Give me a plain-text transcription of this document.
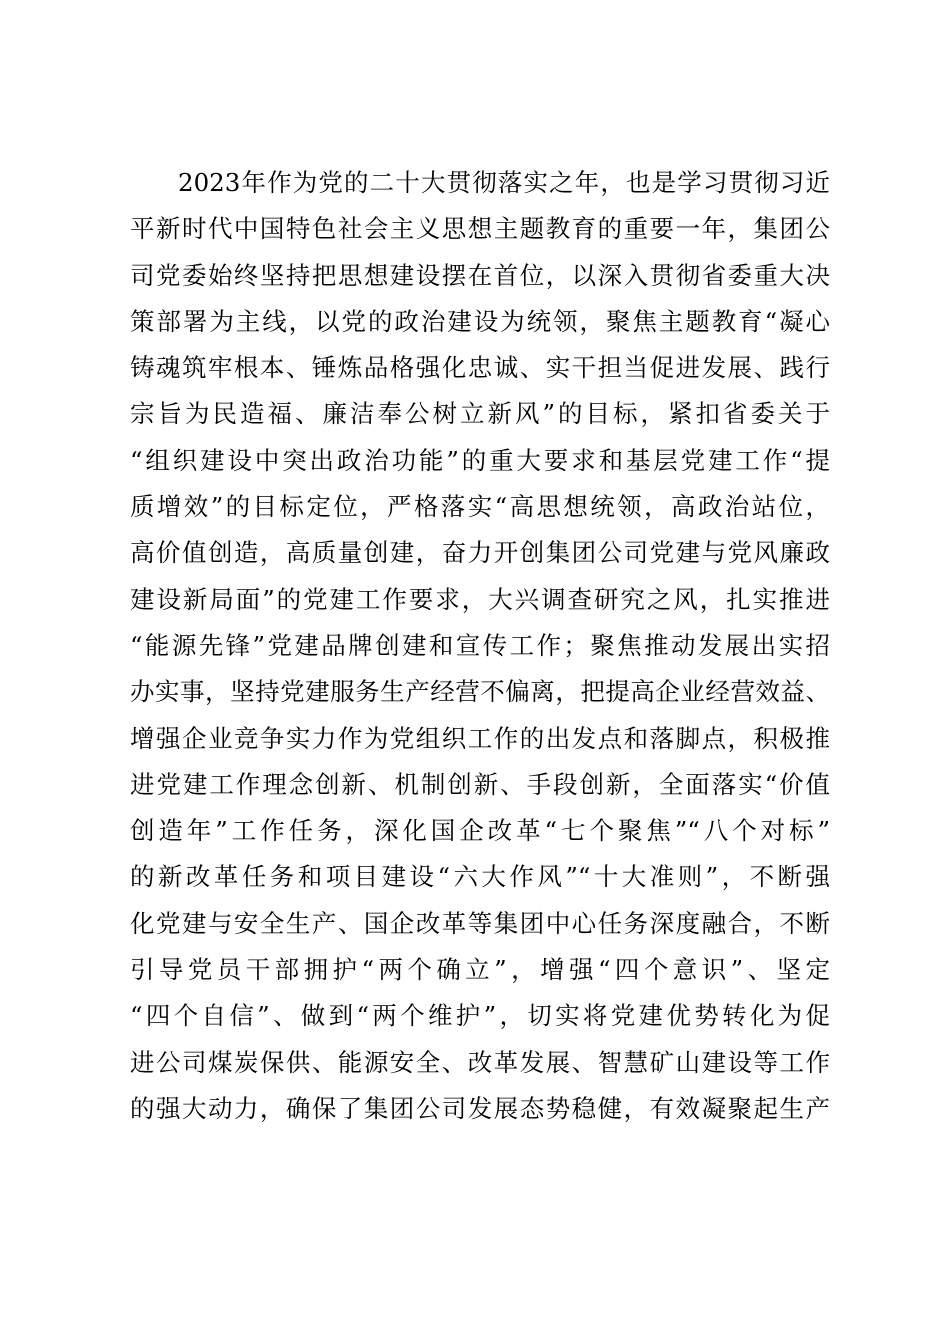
2023年作为党的二十大贯彻落实之年，也是学习贯彻习近
平新时代中国特色社会主义思想主题教育的重要一年，集团公
司党委始终坚持把思想建设摆在首位，以深入贯彻省委重大决
策部署为主线，以党的政治建设为统领，聚焦主题教育“凝心
铸魂筑牢根本、锤炼品格强化忠诚、实干担当促进发展、践行
宗旨为民造福、廉洁奉公树立新风”的目标，紧扣省委关于
“组织建设中突出政治功能”的重大要求和基层党建工作“提
质增效”的目标定位，严格落实“高思想统领，高政治站位，
高价值创造，高质量创建，奋力开创集团公司党建与党风廉政
建设新局面”的党建工作要求，大兴调查研究之风，扎实推进
“能源先锋”党建品牌创建和宣传工作；聚焦推动发展出实招
办实事，坚持党建服务生产经营不偏离，把提高企业经营效益、
增强企业竞争实力作为党组织工作的出发点和落脚点，积极推
进党建工作理念创新、机制创新、手段创新，全面落实“价值
创造年”工作任务，深化国企改革“七个聚焦”“八个对标”
的新改革任务和项目建设“六大作风”“十大准则”，不断强
化党建与安全生产、国企改革等集团中心任务深度融合，不断
引导党员干部拥护“两个确立”，增强“四个意识”、坚定
“四个自信”、做到“两个维护”，切实将党建优势转化为促
进公司煤炭保供、能源安全、改革发展、智慧矿山建设等工作
的强大动力，确保了集团公司发展态势稳健，有效凝聚起生产
